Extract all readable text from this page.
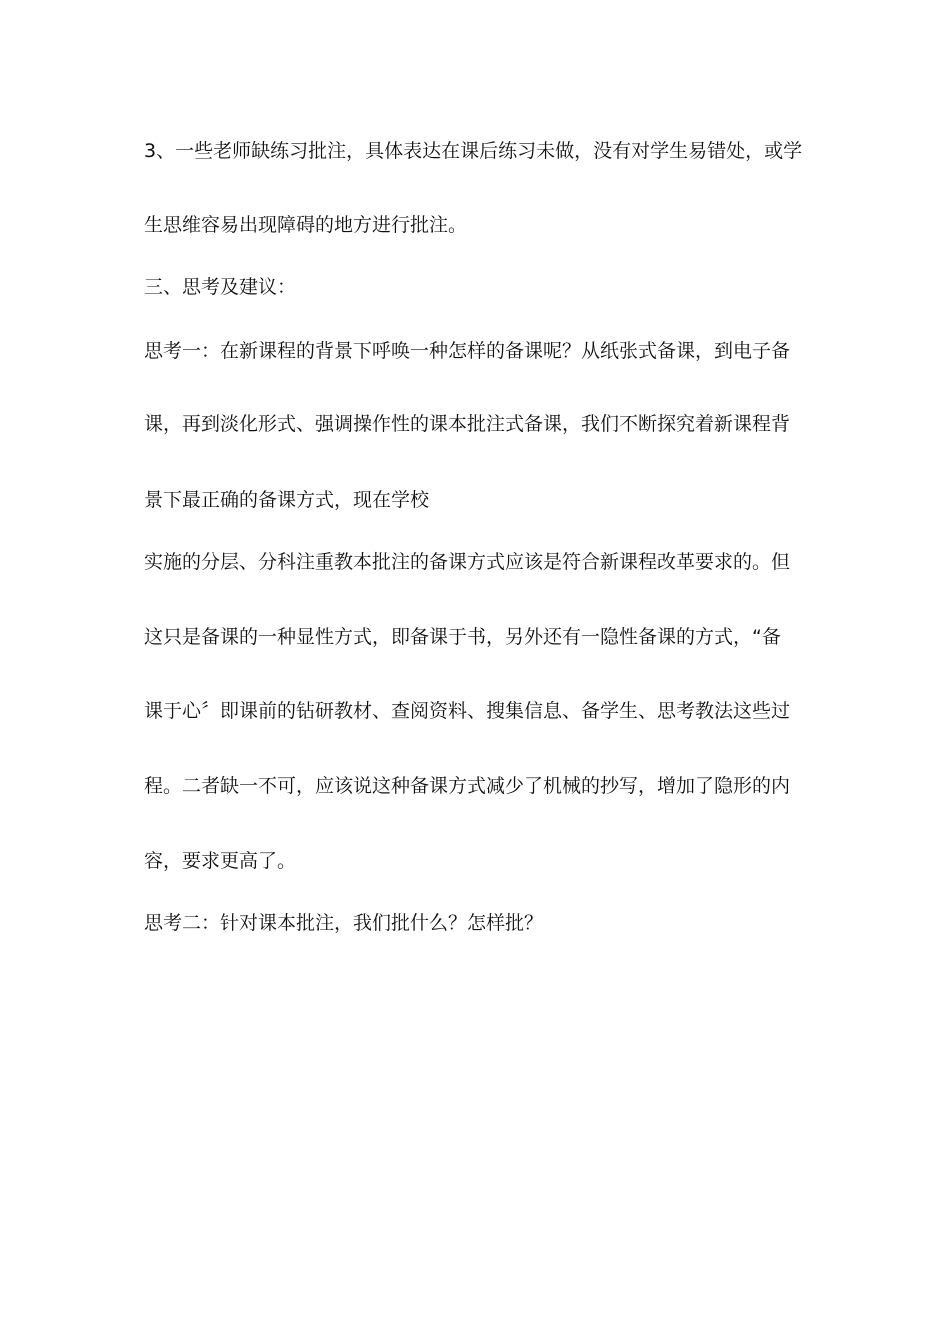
3、一些老师缺练习批注，具体表达在课后练习未做，没有对学生易错处，或学
生思维容易出现障碍的地方进行批注。
三、思考及建议：
思考一：在新课程的背景下呼唤一种怎样的备课呢？从纸张式备课，到电子备
课，再到淡化形式、强调操作性的课本批注式备课，我们不断探究着新课程背
景下最正确的备课方式，现在学校
实施的分层、分科注重教本批注的备课方式应该是符合新课程改革要求的。但
这只是备课的一种显性方式，即备课于书，另外还有一隐性备课的方式，“备
课于心〞即课前的钻研教材、查阅资料、搜集信息、备学生、思考教法这些过
程。二者缺一不可，应该说这种备课方式减少了机械的抄写，增加了隐形的内
容，要求更高了。
思考二：针对课本批注，我们批什么？怎样批？
